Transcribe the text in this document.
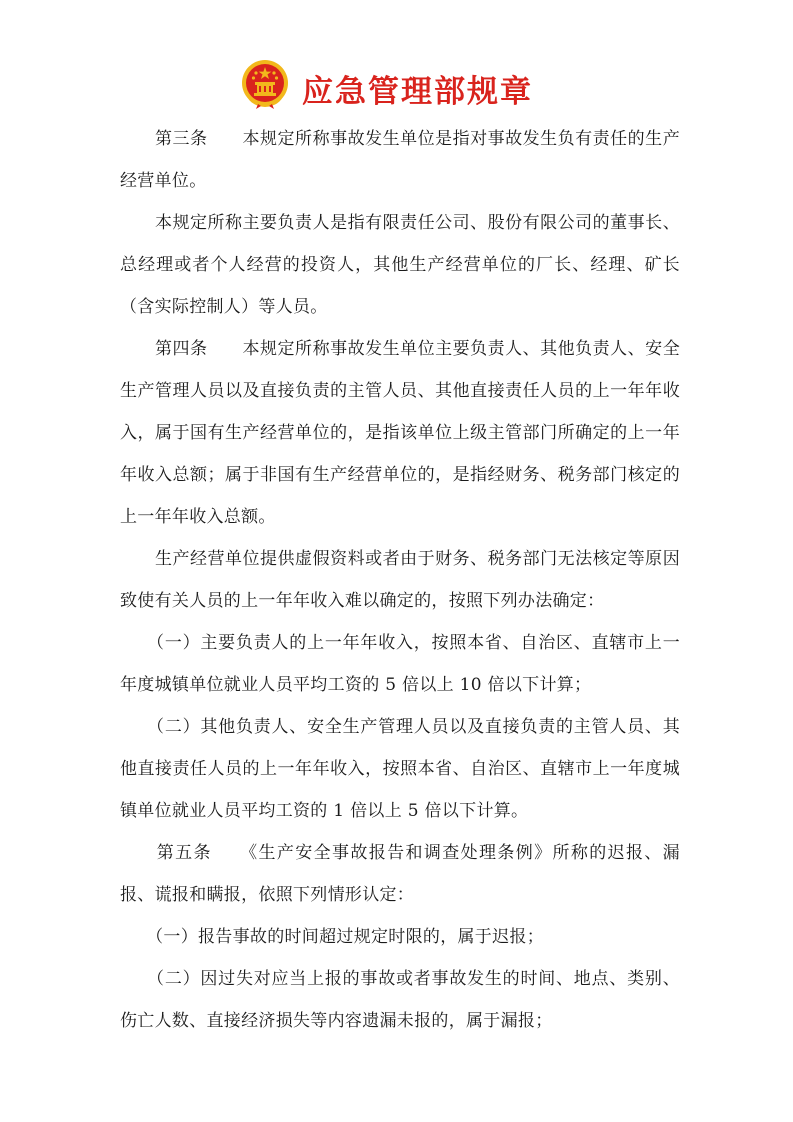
应急管理部规章

　　第三条　　本规定所称事故发生单位是指对事故发生负有责任的生产经营单位。

　　本规定所称主要负责人是指有限责任公司、股份有限公司的董事长、总经理或者个人经营的投资人，其他生产经营单位的厂长、经理、矿长（含实际控制人）等人员。

　　第四条　　本规定所称事故发生单位主要负责人、其他负责人、安全生产管理人员以及直接负责的主管人员、其他直接责任人员的上一年年收入，属于国有生产经营单位的，是指该单位上级主管部门所确定的上一年年收入总额；属于非国有生产经营单位的，是指经财务、税务部门核定的上一年年收入总额。

　　生产经营单位提供虚假资料或者由于财务、税务部门无法核定等原因致使有关人员的上一年年收入难以确定的，按照下列办法确定：

　　（一）主要负责人的上一年年收入，按照本省、自治区、直辖市上一年度城镇单位就业人员平均工资的 5 倍以上 10 倍以下计算；

　　（二）其他负责人、安全生产管理人员以及直接负责的主管人员、其他直接责任人员的上一年年收入，按照本省、自治区、直辖市上一年度城镇单位就业人员平均工资的 1 倍以上 5 倍以下计算。

　　第五条　　《生产安全事故报告和调查处理条例》所称的迟报、漏报、谎报和瞒报，依照下列情形认定：

　　（一）报告事故的时间超过规定时限的，属于迟报；

　　（二）因过失对应当上报的事故或者事故发生的时间、地点、类别、伤亡人数、直接经济损失等内容遗漏未报的，属于漏报；
